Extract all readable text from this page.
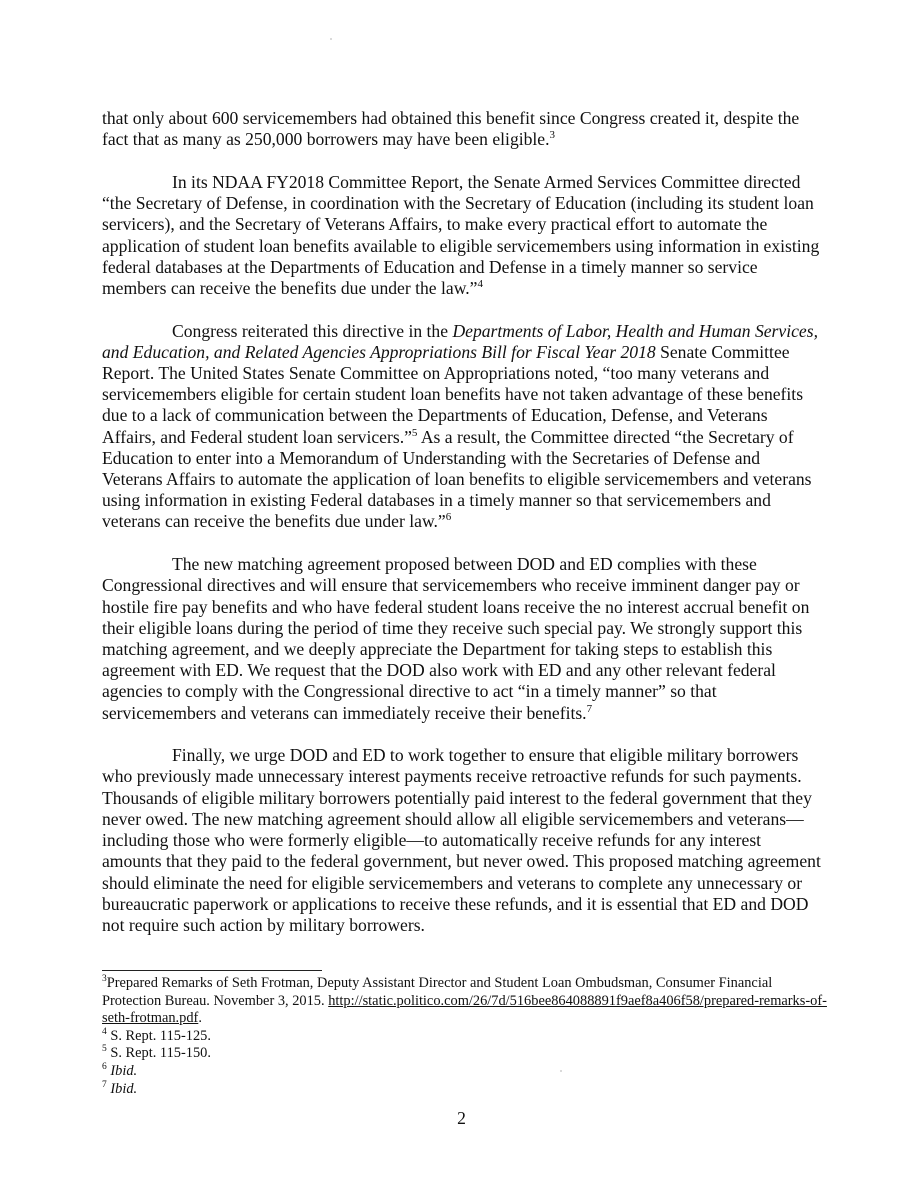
that only about 600 servicemembers had obtained this benefit since Congress created it, despite the fact that as many as 250,000 borrowers may have been eligible.$^3$

In its NDAA FY2018 Committee Report, the Senate Armed Services Committee directed “the Secretary of Defense, in coordination with the Secretary of Education (including its student loan servicers), and the Secretary of Veterans Affairs, to make every practical effort to automate the application of student loan benefits available to eligible servicemembers using information in existing federal databases at the Departments of Education and Defense in a timely manner so service members can receive the benefits due under the law.”$^4$

Congress reiterated this directive in the Departments of Labor, Health and Human Services, and Education, and Related Agencies Appropriations Bill for Fiscal Year 2018 Senate Committee Report. The United States Senate Committee on Appropriations noted, “too many veterans and servicemembers eligible for certain student loan benefits have not taken advantage of these benefits due to a lack of communication between the Departments of Education, Defense, and Veterans Affairs, and Federal student loan servicers.”$^5$ As a result, the Committee directed “the Secretary of Education to enter into a Memorandum of Understanding with the Secretaries of Defense and Veterans Affairs to automate the application of loan benefits to eligible servicemembers and veterans using information in existing Federal databases in a timely manner so that servicemembers and veterans can receive the benefits due under law.”$^6$

The new matching agreement proposed between DOD and ED complies with these Congressional directives and will ensure that servicemembers who receive imminent danger pay or hostile fire pay benefits and who have federal student loans receive the no interest accrual benefit on their eligible loans during the period of time they receive such special pay. We strongly support this matching agreement, and we deeply appreciate the Department for taking steps to establish this agreement with ED. We request that the DOD also work with ED and any other relevant federal agencies to comply with the Congressional directive to act “in a timely manner” so that servicemembers and veterans can immediately receive their benefits.$^7$

Finally, we urge DOD and ED to work together to ensure that eligible military borrowers who previously made unnecessary interest payments receive retroactive refunds for such payments. Thousands of eligible military borrowers potentially paid interest to the federal government that they never owed. The new matching agreement should allow all eligible servicemembers and veterans—including those who were formerly eligible—to automatically receive refunds for any interest amounts that they paid to the federal government, but never owed. This proposed matching agreement should eliminate the need for eligible servicemembers and veterans to complete any unnecessary or bureaucratic paperwork or applications to receive these refunds, and it is essential that ED and DOD not require such action by military borrowers.

$^3$Prepared Remarks of Seth Frotman, Deputy Assistant Director and Student Loan Ombudsman, Consumer Financial Protection Bureau. November 3, 2015. http://static.politico.com/26/7d/516bee864088891f9aef8a406f58/prepared-remarks-of-seth-frotman.pdf.

$^4$ S. Rept. 115-125.

$^5$ S. Rept. 115-150.

$^6$ Ibid.

$^7$ Ibid.

2
